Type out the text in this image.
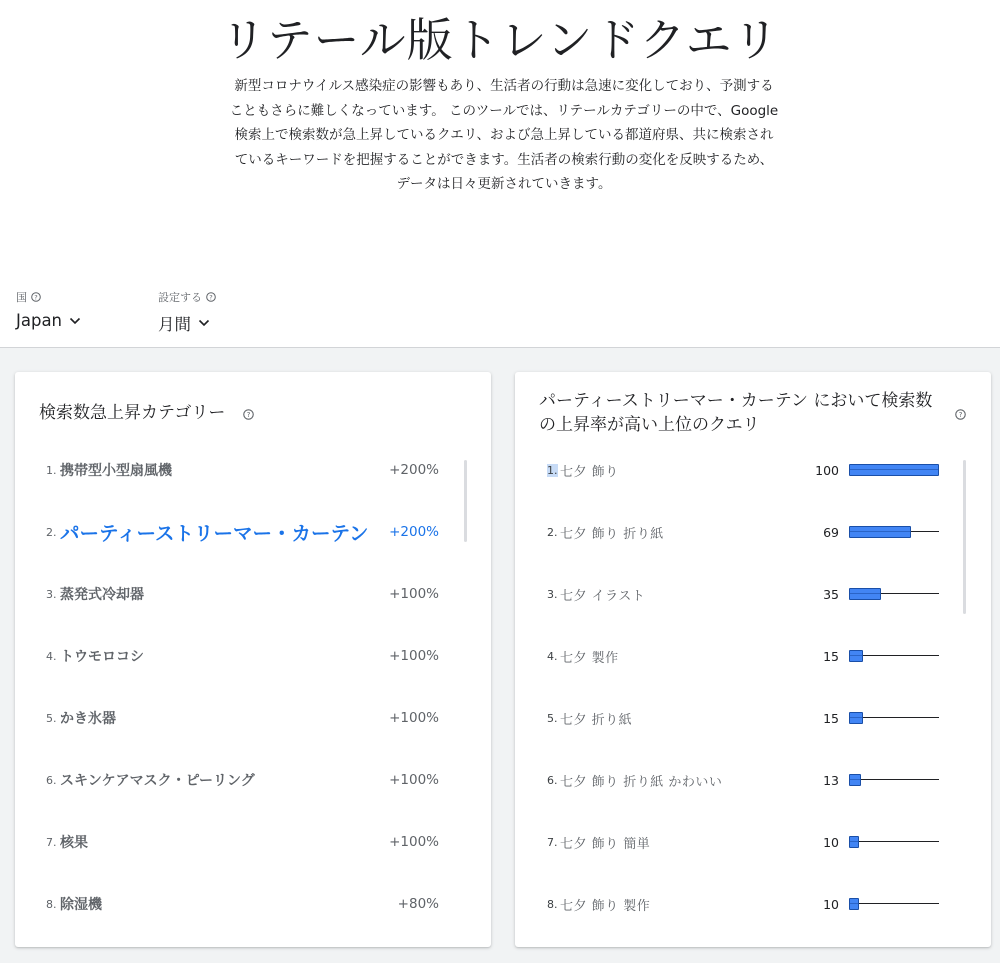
リテール版トレンドクエリ
新型コロナウイルス感染症の影響もあり、生活者の行動は急速に変化しており、予測する
こともさらに難しくなっています。 このツールでは、リテールカテゴリーの中で、Google
検索上で検索数が急上昇しているクエリ、および急上昇している都道府県、共に検索され
ているキーワードを把握することができます。生活者の検索行動の変化を反映するため、
データは日々更新されていきます。
国 ?
Japan
設定する ?
月間
検索数急上昇カテゴリー	?
1. 携帯型小型扇風機	+200%
2. パーティーストリーマー・カーテン +200%
3. 蒸発式冷却器	+100%
4. トウモロコシ	+100%
5. かき氷器	+100%
6. スキンケアマスク・ピーリング	+100%
7. 核果	+100%
8. 除湿機	+80%
パーティーストリーマー・カーテン において検索数の上昇率が高い上位のクエリ
?
1. 七夕 飾り	100
2. 七夕 飾り 折り紙	69
3. 七夕 イラスト	35
4. 七夕 製作	15
5. 七夕 折り紙	15
6. 七夕 飾り 折り紙 かわいい	13
7. 七夕 飾り 簡単	10
8. 七夕 飾り 製作	10
